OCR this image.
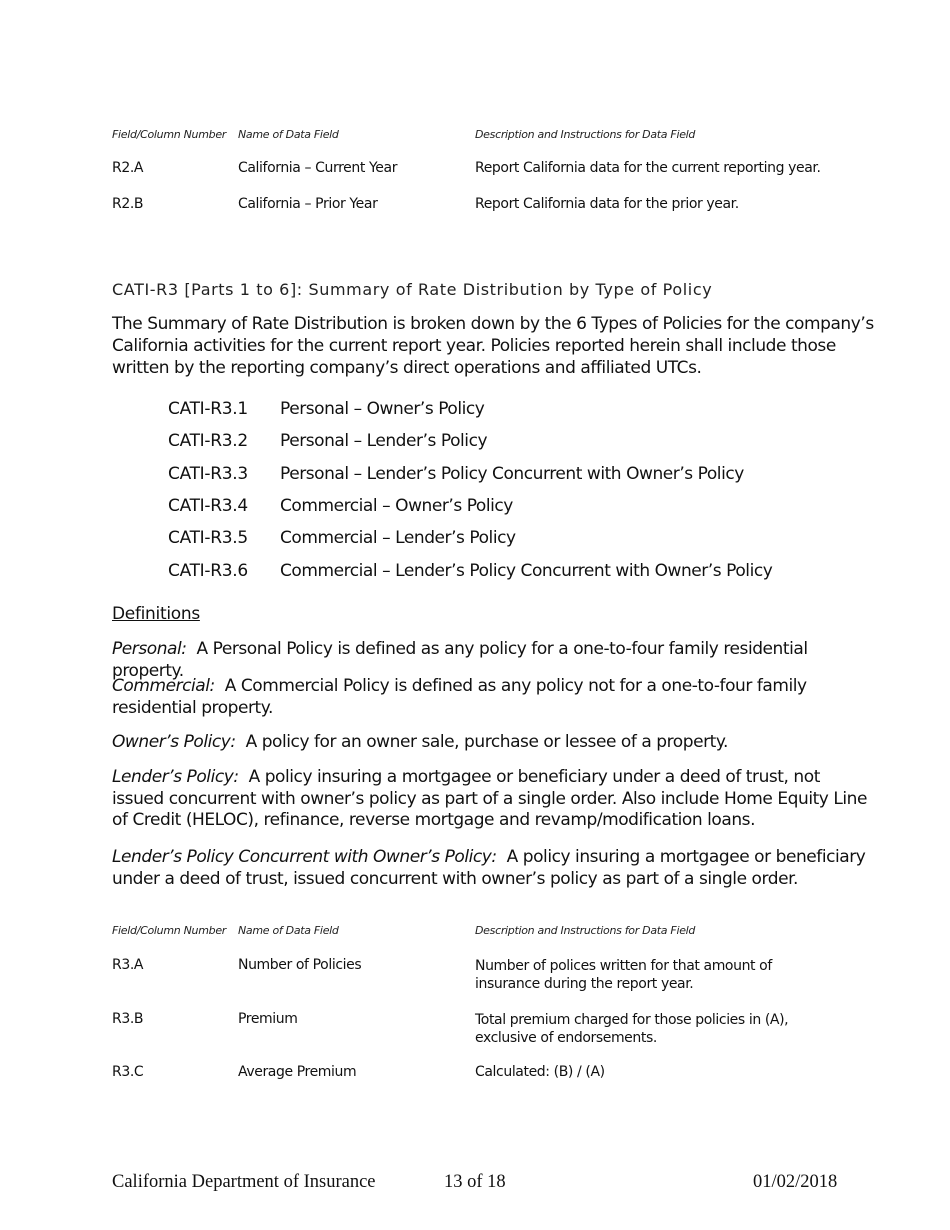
Field/Column Number Name of Data Field	Description and Instructions for Data Field
R2.A	California – Current Year	Report California data for the current reporting year.
R2.B	California – Prior Year	Report California data for the prior year.
CATI-R3 [Parts 1 to 6]: Summary of Rate Distribution by Type of Policy
The Summary of Rate Distribution is broken down by the 6 Types of Policies for the company’s California activities for the current report year. Policies reported herein shall include those written by the reporting company’s direct operations and affiliated UTCs.
CATI-R3.1 Personal – Owner’s Policy
CATI-R3.2 Personal – Lender’s Policy
CATI-R3.3 Personal – Lender’s Policy Concurrent with Owner’s Policy
CATI-R3.4 Commercial – Owner’s Policy
CATI-R3.5 Commercial – Lender’s Policy
CATI-R3.6 Commercial – Lender’s Policy Concurrent with Owner’s Policy
Definitions
Personal: A Personal Policy is defined as any policy for a one-to-four family residential property.
Commercial: A Commercial Policy is defined as any policy not for a one-to-four family residential property.
Owner’s Policy: A policy for an owner sale, purchase or lessee of a property.
Lender’s Policy: A policy insuring a mortgagee or beneficiary under a deed of trust, not issued concurrent with owner’s policy as part of a single order. Also include Home Equity Line of Credit (HELOC), refinance, reverse mortgage and revamp/modification loans.
Lender’s Policy Concurrent with Owner’s Policy: A policy insuring a mortgagee or beneficiary under a deed of trust, issued concurrent with owner’s policy as part of a single order.
Field/Column Number Name of Data Field	Description and Instructions for Data Field
R3.A	Number of Policies	Number of polices written for that amount of insurance during the report year.
R3.B	Premium	Total premium charged for those policies in (A), exclusive of endorsements.
R3.C	Average Premium	Calculated: (B) / (A)
California Department of Insurance	13 of 18	01/02/2018
